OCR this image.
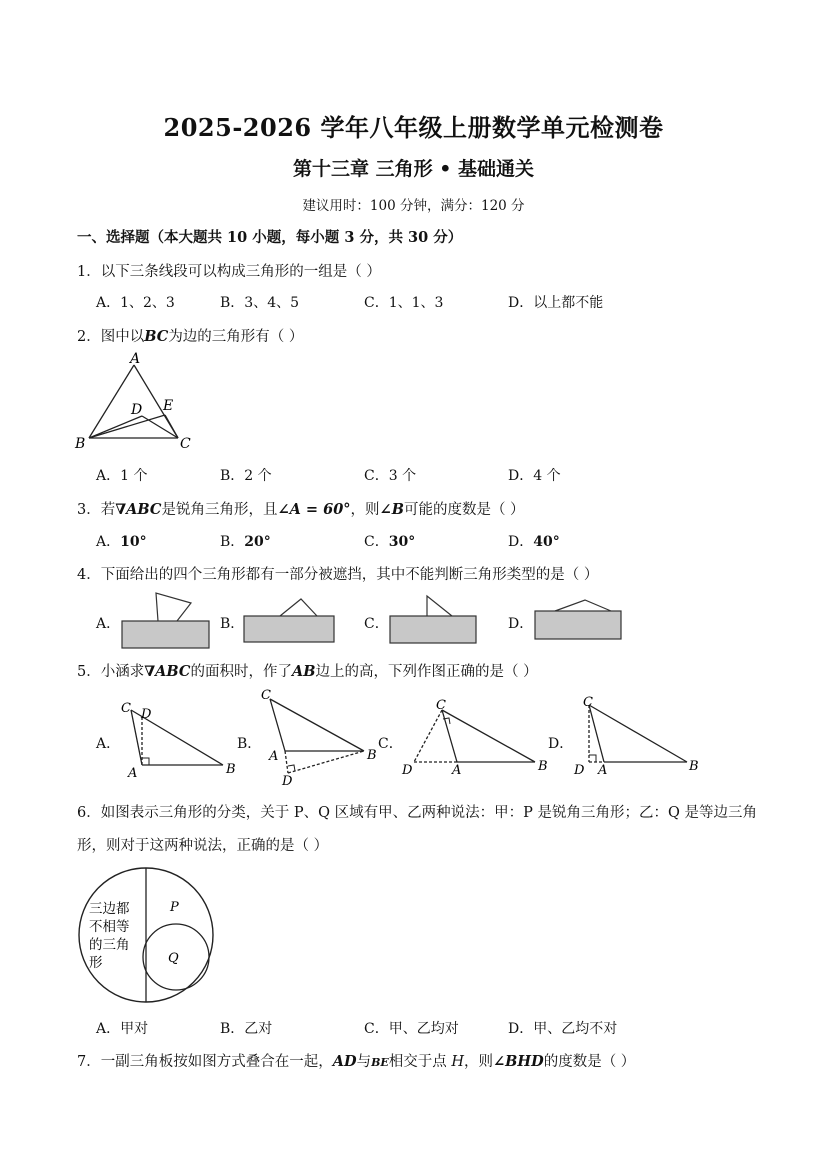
2025-2026 学年八年级上册数学单元检测卷
第十三章 三角形 • 基础通关
建议用时：100 分钟，满分：120 分
一、选择题（本大题共 10 小题，每小题 3 分，共 30 分）
1．以下三条线段可以构成三角形的一组是（ ）
A．1、2、3	B．3、4、5	C．1、1、3	D．以上都不能
2．图中以BC为边的三角形有（ ）
A
B	C
D E
A．1 个	B．2 个	C．3 个	D．4 个
3．若∇ABC是锐角三角形，且∠A = 60°，则∠B可能的度数是（ ）
A．10°	B．20°	C．30°	D．40°
4．下面给出的四个三角形都有一部分被遮挡，其中不能判断三角形类型的是（ ）
A．	B．	C．	D．
5．小涵求∇ABC的面积时，作了AB边上的高，下列作图正确的是（ ）
A．
C D
A	B
B．
C
A	B
D
C．
C
D	A	B
D．
C
D A	B
6．如图表示三角形的分类，关于 P、Q 区域有甲、乙两种说法：甲：P 是锐角三角形；乙：Q 是等边三角
形，则对于这两种说法，正确的是（ ）
三边都
不相等
的三角
形
P
Q
A．甲对	B．乙对	C．甲、乙均对	D．甲、乙均不对
7．一副三角板按如图方式叠合在一起，AD与BE相交于点 H，则∠BHD的度数是（ ）
